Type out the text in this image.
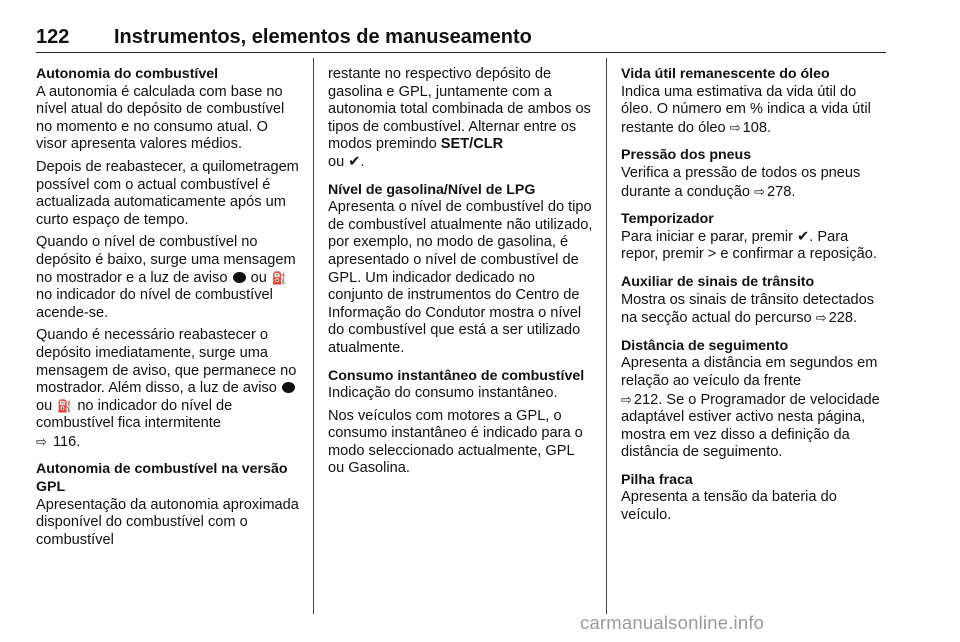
122 Instrumentos, elementos de manuseamento
Autonomia do combustível

A autonomia é calculada com base no nível atual do depósito de combustível no momento e no consumo atual. O visor apresenta valores médios.

Depois de reabastecer, a quilometragem possível com o actual combustível é actualizada automaticamente após um curto espaço de tempo.

Quando o nível de combustível no depósito é baixo, surge uma mensagem no mostrador e a luz de aviso ou ⛽ no indicador do nível de combustível acende-se.

Quando é necessário reabastecer o depósito imediatamente, surge uma mensagem de aviso, que permanece no mostrador. Além disso, a luz de aviso  ou ⛽ no indicador do nível de combustível fica intermitente
⇨ 116.

Autonomia de combustível na versão GPL

Apresentação da autonomia aproximada disponível do combustível com o combustível

restante no respectivo depósito de gasolina e GPL, juntamente com a autonomia total combinada de ambos os tipos de combustível. Alternar entre os modos premindo SET/CLR
ou ✔.

Nível de gasolina/Nível de LPG

Apresenta o nível de combustível do tipo de combustível atualmente não utilizado, por exemplo, no modo de gasolina, é apresentado o nível de combustível de GPL. Um indicador dedicado no conjunto de instrumentos do Centro de Informação do Condutor mostra o nível do combustível que está a ser utilizado atualmente.

Consumo instantâneo de combustível

Indicação do consumo instantâneo.

Nos veículos com motores a GPL, o consumo instantâneo é indicado para o modo seleccionado actualmente, GPL ou Gasolina.

Vida útil remanescente do óleo

Indica uma estimativa da vida útil do óleo. O número em % indica a vida útil restante do óleo ⇨ 108.

Pressão dos pneus

Verifica a pressão de todos os pneus durante a condução ⇨ 278.

Temporizador

Para iniciar e parar, premir ✔. Para repor, premir > e confirmar a reposição.

Auxiliar de sinais de trânsito

Mostra os sinais de trânsito detectados na secção actual do percurso ⇨ 228.

Distância de seguimento

Apresenta a distância em segundos em relação ao veículo da frente
⇨ 212. Se o Programador de velocidade adaptável estiver activo nesta página, mostra em vez disso a definição da distância de seguimento.

Pilha fraca

Apresenta a tensão da bateria do veículo.

carmanualsonline.info
